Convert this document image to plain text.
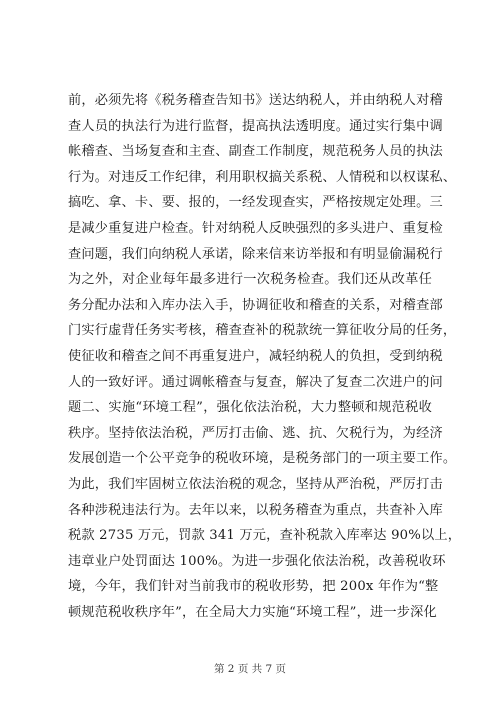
前，必须先将《税务稽查告知书》送达纳税人，并由纳税人对稽
查人员的执法行为进行监督，提高执法透明度。通过实行集中调
帐稽查、当场复查和主查、副查工作制度，规范税务人员的执法
行为。对违反工作纪律，利用职权搞关系税、人情税和以权谋私、
搞吃、拿、卡、要、报的，一经发现查实，严格按规定处理。三
是减少重复进户检查。针对纳税人反映强烈的多头进户、重复检
查问题，我们向纳税人承诺，除来信来访举报和有明显偷漏税行
为之外，对企业每年最多进行一次税务检查。我们还从改革任
务分配办法和入库办法入手，协调征收和稽查的关系，对稽查部
门实行虚背任务实考核，稽查查补的税款统一算征收分局的任务，
使征收和稽查之间不再重复进户，减轻纳税人的负担，受到纳税
人的一致好评。通过调帐稽查与复查，解决了复查二次进户的问
题二、实施“环境工程”，强化依法治税，大力整顿和规范税收
秩序。坚持依法治税，严厉打击偷、逃、抗、欠税行为，为经济
发展创造一个公平竞争的税收环境，是税务部门的一项主要工作。
为此，我们牢固树立依法治税的观念，坚持从严治税，严厉打击
各种涉税违法行为。去年以来，以税务稽查为重点，共查补入库
税款 2735 万元，罚款 341 万元，查补税款入库率达 90%以上，
违章业户处罚面达 100%。为进一步强化依法治税，改善税收环
境，今年，我们针对当前我市的税收形势，把 200x 年作为“整
顿规范税收秩序年”，在全局大力实施“环境工程”，进一步深化
第 2 页 共 7 页
